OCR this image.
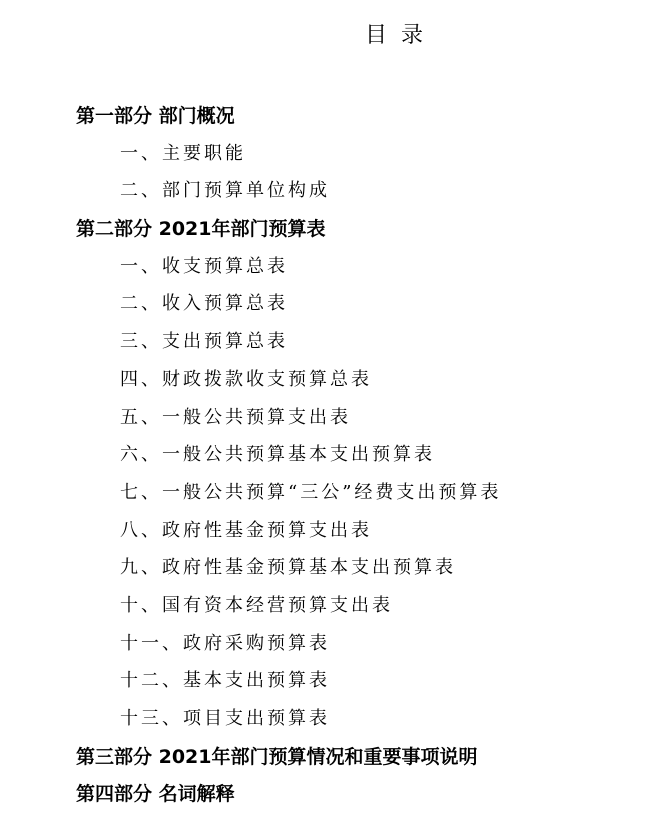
目录
第一部分 部门概况
一、主要职能
二、部门预算单位构成
第二部分 2021年部门预算表
一、收支预算总表
二、收入预算总表
三、支出预算总表
四、财政拨款收支预算总表
五、一般公共预算支出表
六、一般公共预算基本支出预算表
七、一般公共预算“三公”经费支出预算表
八、政府性基金预算支出表
九、政府性基金预算基本支出预算表
十、国有资本经营预算支出表
十一、政府采购预算表
十二、基本支出预算表
十三、项目支出预算表
第三部分 2021年部门预算情况和重要事项说明
第四部分 名词解释
